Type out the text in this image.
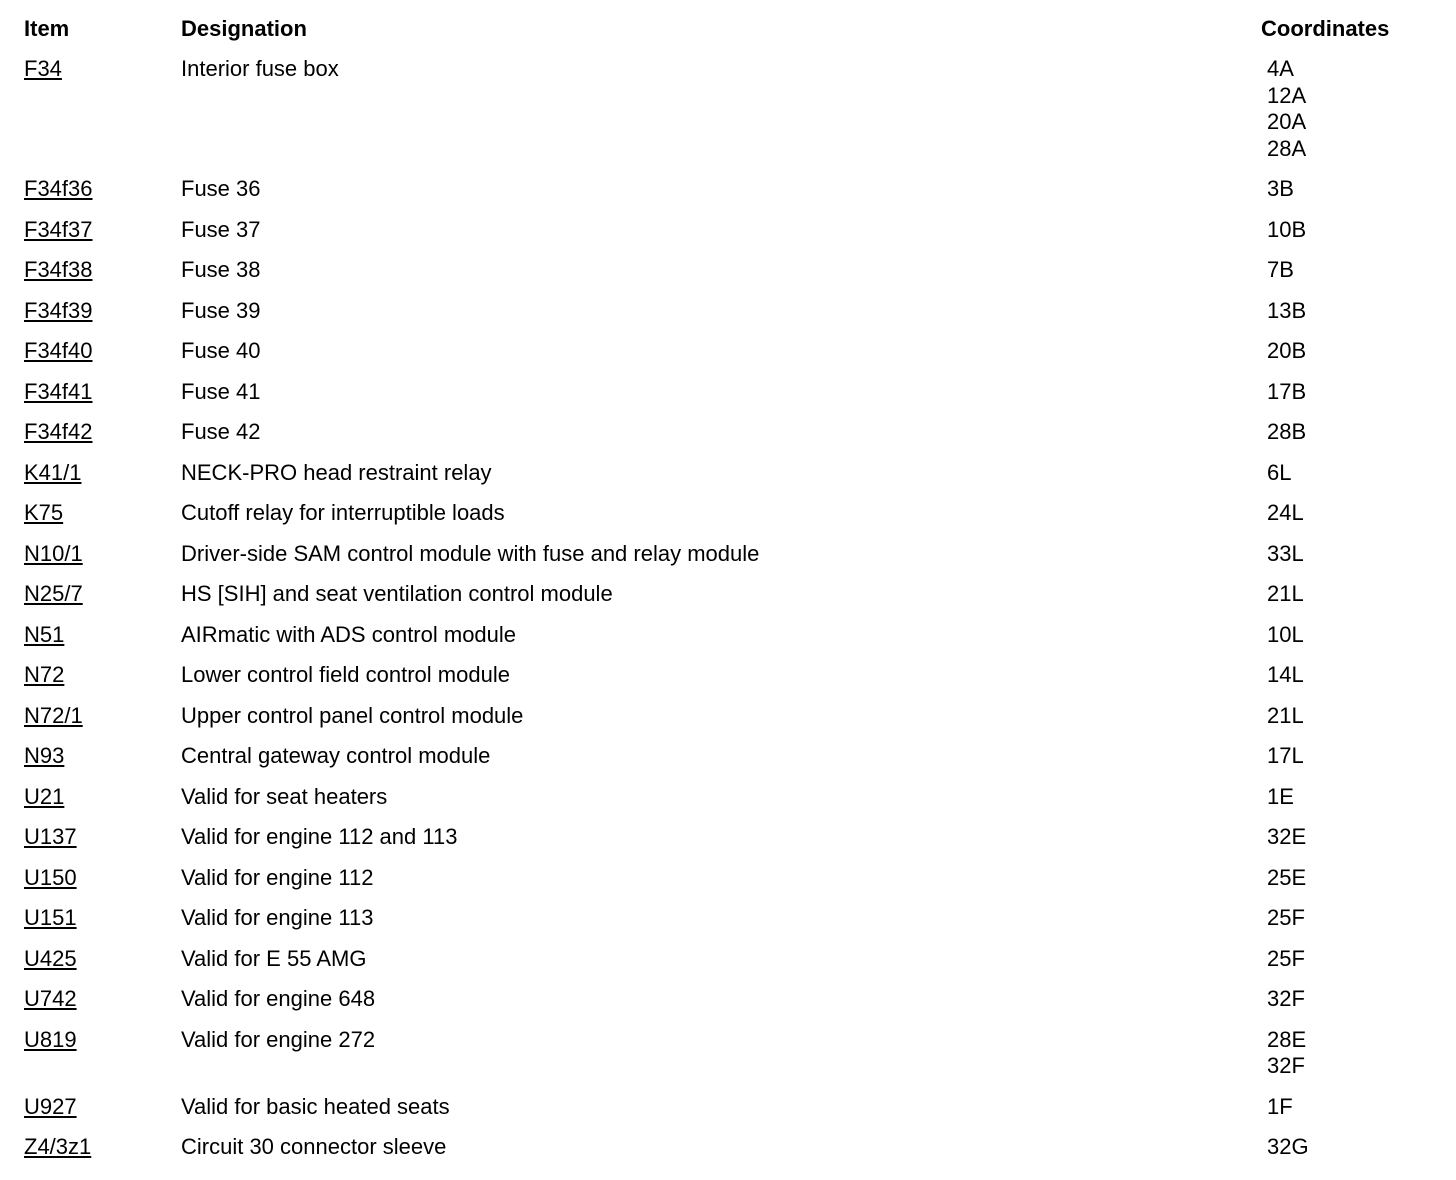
Item	Designation	Coordinates
F34	Interior fuse box	4A
12A
20A
28A
F34f36	Fuse 36	3B
F34f37	Fuse 37	10B
F34f38	Fuse 38	7B
F34f39	Fuse 39	13B
F34f40	Fuse 40	20B
F34f41	Fuse 41	17B
F34f42	Fuse 42	28B
K41/1	NECK-PRO head restraint relay	6L
K75	Cutoff relay for interruptible loads	24L
N10/1	Driver-side SAM control module with fuse and relay module	33L
N25/7	HS [SIH] and seat ventilation control module	21L
N51	AIRmatic with ADS control module	10L
N72	Lower control field control module	14L
N72/1	Upper control panel control module	21L
N93	Central gateway control module	17L
U21	Valid for seat heaters	1E
U137	Valid for engine 112 and 113	32E
U150	Valid for engine 112	25E
U151	Valid for engine 113	25F
U425	Valid for E 55 AMG	25F
U742	Valid for engine 648	32F
U819	Valid for engine 272	28E
32F
U927	Valid for basic heated seats	1F
Z4/3z1	Circuit 30 connector sleeve	32G
